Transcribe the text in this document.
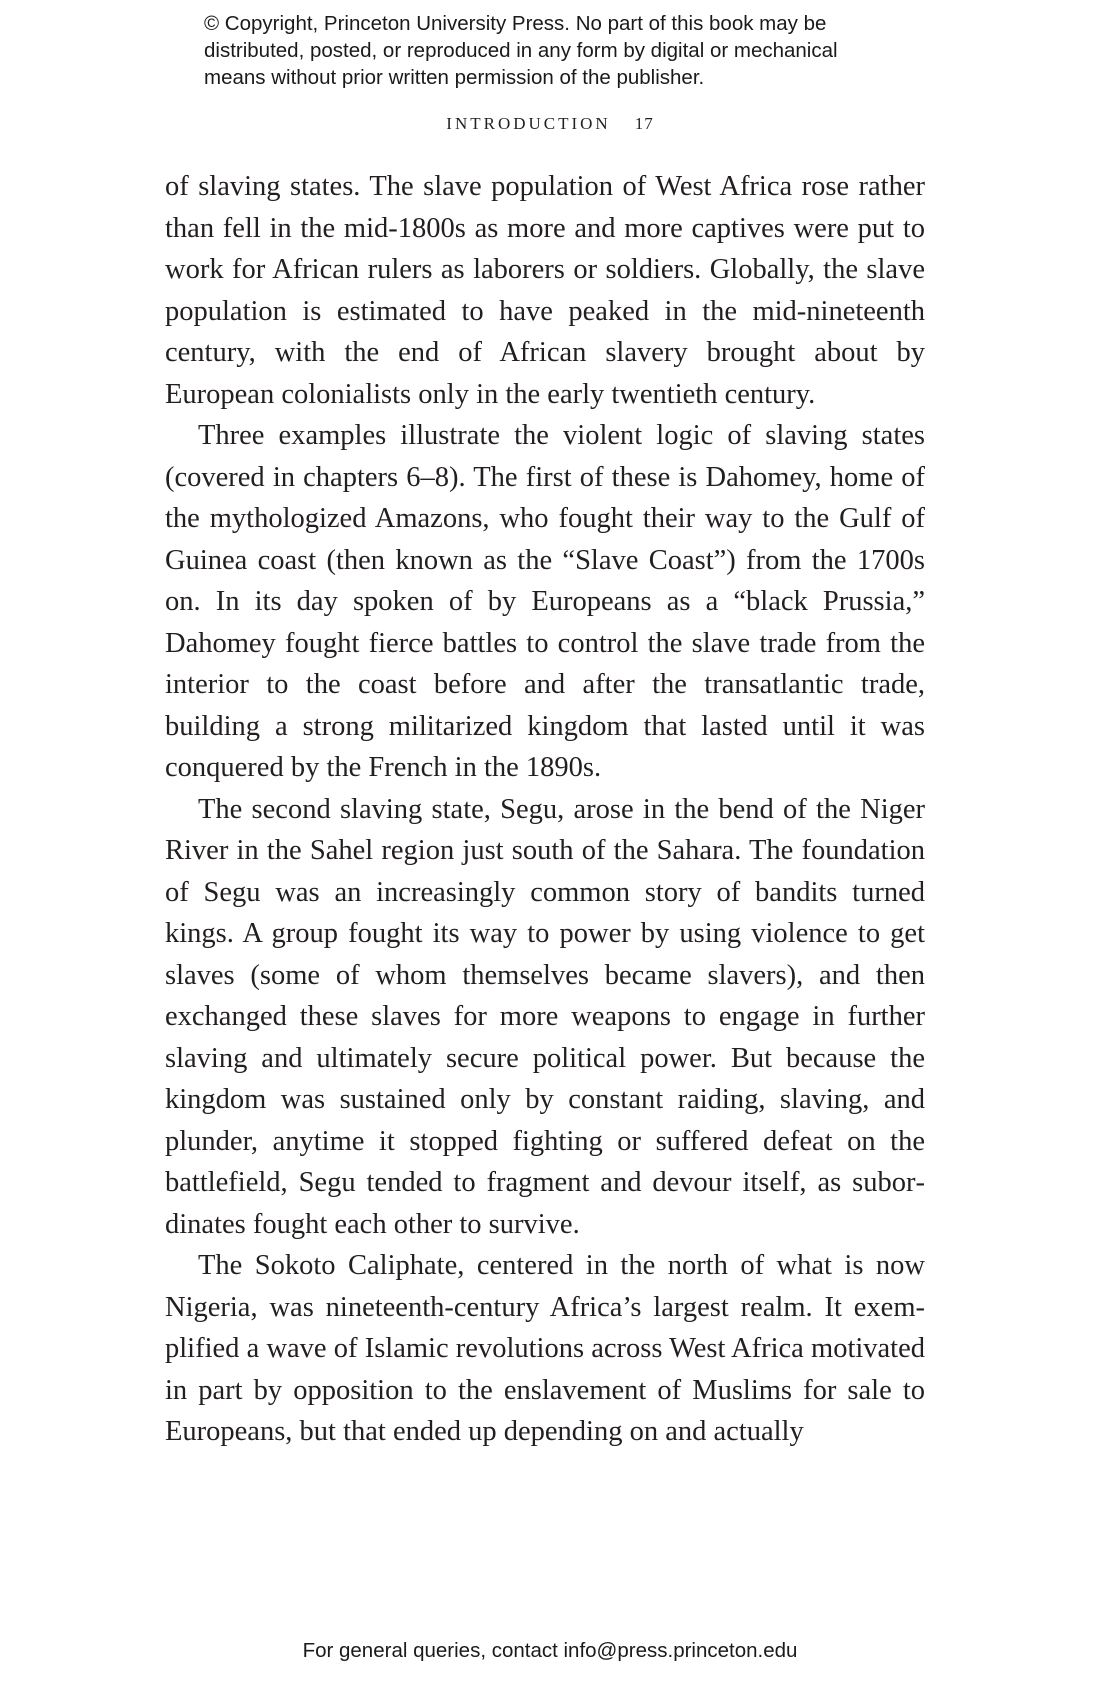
© Copyright, Princeton University Press. No part of this book may be

distributed, posted, or reproduced in any form by digital or mechanical

means without prior written permission of the publisher.

INTRODUCTION 17

of slaving states. The slave population of West Africa rose rather than fell in the mid-1800s as more and more captives were put to work for African rulers as laborers or soldiers. Globally, the slave population is estimated to have peaked in the mid-nineteenth century, with the end of African slavery brought about by European colonialists only in the early twentieth century.

Three examples illustrate the violent logic of slaving states (covered in chapters 6–8). The first of these is Dahomey, home of the mythologized Amazons, who fought their way to the Gulf of Guinea coast (then known as the “Slave Coast”) from the 1700s on. In its day spoken of by Europeans as a “black Prussia,” Dahomey fought fierce battles to control the slave trade from the interior to the coast before and after the transatlantic trade, building a strong militarized kingdom that lasted until it was conquered by the French in the 1890s.

The second slaving state, Segu, arose in the bend of the Niger River in the Sahel region just south of the Sahara. The foundation of Segu was an increasingly common story of bandits turned kings. A group fought its way to power by using violence to get slaves (some of whom themselves became slavers), and then exchanged these slaves for more weapons to engage in further slaving and ultimately secure political power. But because the kingdom was sustained only by constant raiding, slaving, and plunder, anytime it stopped fighting or suffered defeat on the battlefield, Segu tended to fragment and devour itself, as subordinates fought each other to survive.

The Sokoto Caliphate, centered in the north of what is now Nigeria, was nineteenth-century Africa’s largest realm. It exemplified a wave of Islamic revolutions across West Africa motivated in part by opposition to the enslavement of Muslims for sale to Europeans, but that ended up depending on and actually

For general queries, contact info@press.princeton.edu
